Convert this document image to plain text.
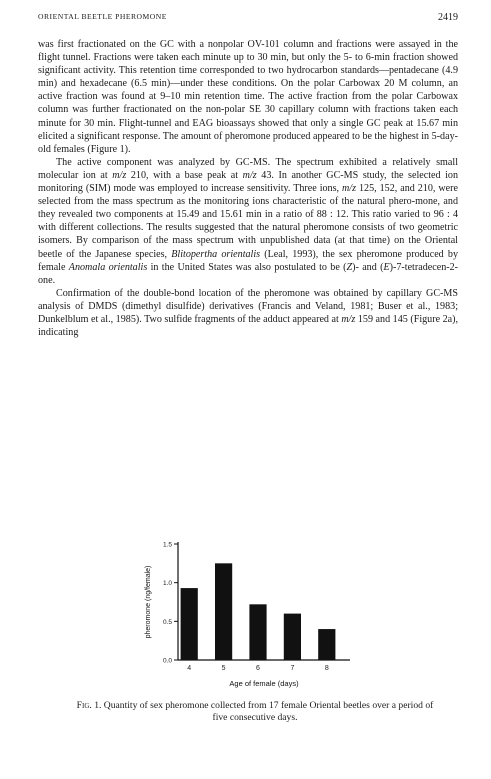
ORIENTAL BEETLE PHEROMONE	2419

was first fractionated on the GC with a nonpolar OV-101 column and fractions were assayed in the flight tunnel. Fractions were taken each minute up to 30 min, but only the 5- to 6-min fraction showed significant activity. This retention time corresponded to two hydrocarbon standards—pentadecane (4.9 min) and hexadecane (6.5 min)—under these conditions. On the polar Carbowax 20 M column, an active fraction was found at 9–10 min retention time. The active fraction from the polar Carbowax column was further fractionated on the non-polar SE 30 capillary column with fractions taken each minute for 30 min. Flight-tunnel and EAG bioassays showed that only a single GC peak at 15.67 min elicited a significant response. The amount of pheromone produced appeared to be the highest in 5-day-old females (Figure 1).

The active component was analyzed by GC-MS. The spectrum exhibited a relatively small molecular ion at m/z 210, with a base peak at m/z 43. In another GC-MS study, the selected ion monitoring (SIM) mode was employed to increase sensitivity. Three ions, m/z 125, 152, and 210, were selected from the mass spectrum as the monitoring ions characteristic of the natural phero-mone, and they revealed two components at 15.49 and 15.61 min in a ratio of 88 : 12. This ratio varied to 96 : 4 with different collections. The results suggested that the natural pheromone consists of two geometric isomers. By comparison of the mass spectrum with unpublished data (at that time) on the Oriental beetle of the Japanese species, Blitopertha orientalis (Leal, 1993), the sex pheromone produced by female Anomala orientalis in the United States was also postulated to be (Z)- and (E)-7-tetradecen-2-one.

Confirmation of the double-bond location of the pheromone was obtained by capillary GC-MS analysis of DMDS (dimethyl disulfide) derivatives (Francis and Veland, 1981; Buser et al., 1983; Dunkelblum et al., 1985). Two sulfide fragments of the adduct appeared at m/z 159 and 145 (Figure 2a), indicating

0.0
0.5
1.0
1.5
4	5	6	7	8
Age of female (days)
pheromone (ng/female)
Fig. 1. Quantity of sex pheromone collected from 17 female Oriental beetles over a period of five consecutive days.
